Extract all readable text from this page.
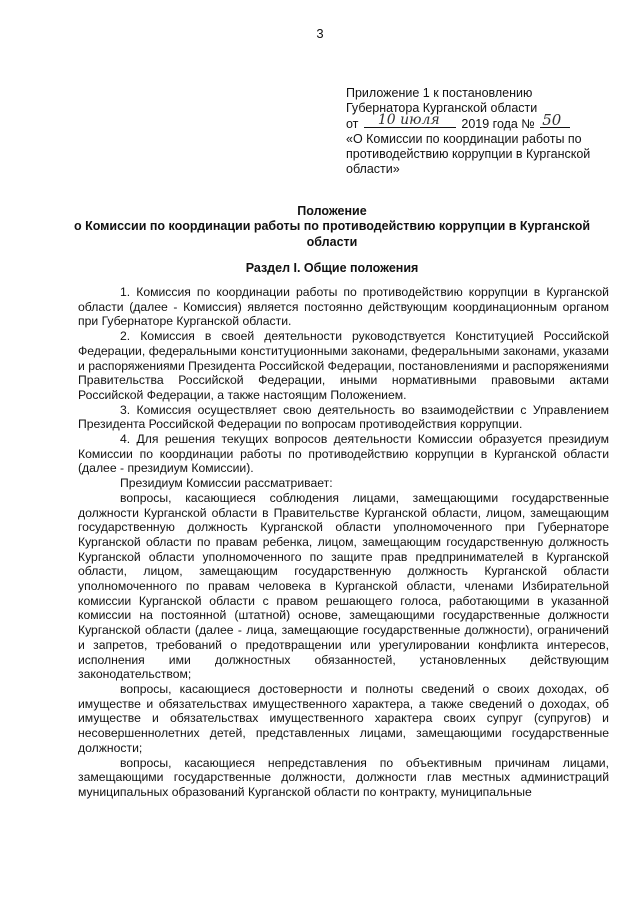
3
Приложение 1 к постановлению
Губернатора Курганской области
от 10 июля 2019 года № 50
«О Комиссии по координации работы по
противодействию коррупции в Курганской
области»
Положение
о Комиссии по координации работы по противодействию коррупции в Курганской области
Раздел I. Общие положения

1. Комиссия по координации работы по противодействию коррупции в Курганской области (далее - Комиссия) является постоянно действующим координационным органом при Губернаторе Курганской области.

2. Комиссия в своей деятельности руководствуется Конституцией Российской Федерации, федеральными конституционными законами, федеральными законами, указами и распоряжениями Президента Российской Федерации, постановлениями и распоряжениями Правительства Российской Федерации, иными нормативными правовыми актами Российской Федерации, а также настоящим Положением.

3. Комиссия осуществляет свою деятельность во взаимодействии с Управлением Президента Российской Федерации по вопросам противодействия коррупции.

4. Для решения текущих вопросов деятельности Комиссии образуется президиум Комиссии по координации работы по противодействию коррупции в Курганской области (далее - президиум Комиссии).

Президиум Комиссии рассматривает:

вопросы, касающиеся соблюдения лицами, замещающими государственные должности Курганской области в Правительстве Курганской области, лицом, замещающим государственную должность Курганской области уполномоченного при Губернаторе Курганской области по правам ребенка, лицом, замещающим государственную должность Курганской области уполномоченного по защите прав предпринимателей в Курганской области, лицом, замещающим государственную должность Курганской области уполномоченного по правам человека в Курганской области, членами Избирательной комиссии Курганской области с правом решающего голоса, работающими в указанной комиссии на постоянной (штатной) основе, замещающими государственные должности Курганской области (далее - лица, замещающие государственные должности), ограничений и запретов, требований о предотвращении или урегулировании конфликта интересов, исполнения ими должностных обязанностей, установленных действующим законодательством;

вопросы, касающиеся достоверности и полноты сведений о своих доходах, об имуществе и обязательствах имущественного характера, а также сведений о доходах, об имуществе и обязательствах имущественного характера своих супруг (супругов) и несовершеннолетних детей, представленных лицами, замещающими государственные должности;

вопросы, касающиеся непредставления по объективным причинам лицами, замещающими государственные должности, должности глав местных администраций муниципальных образований Курганской области по контракту, муниципальные
